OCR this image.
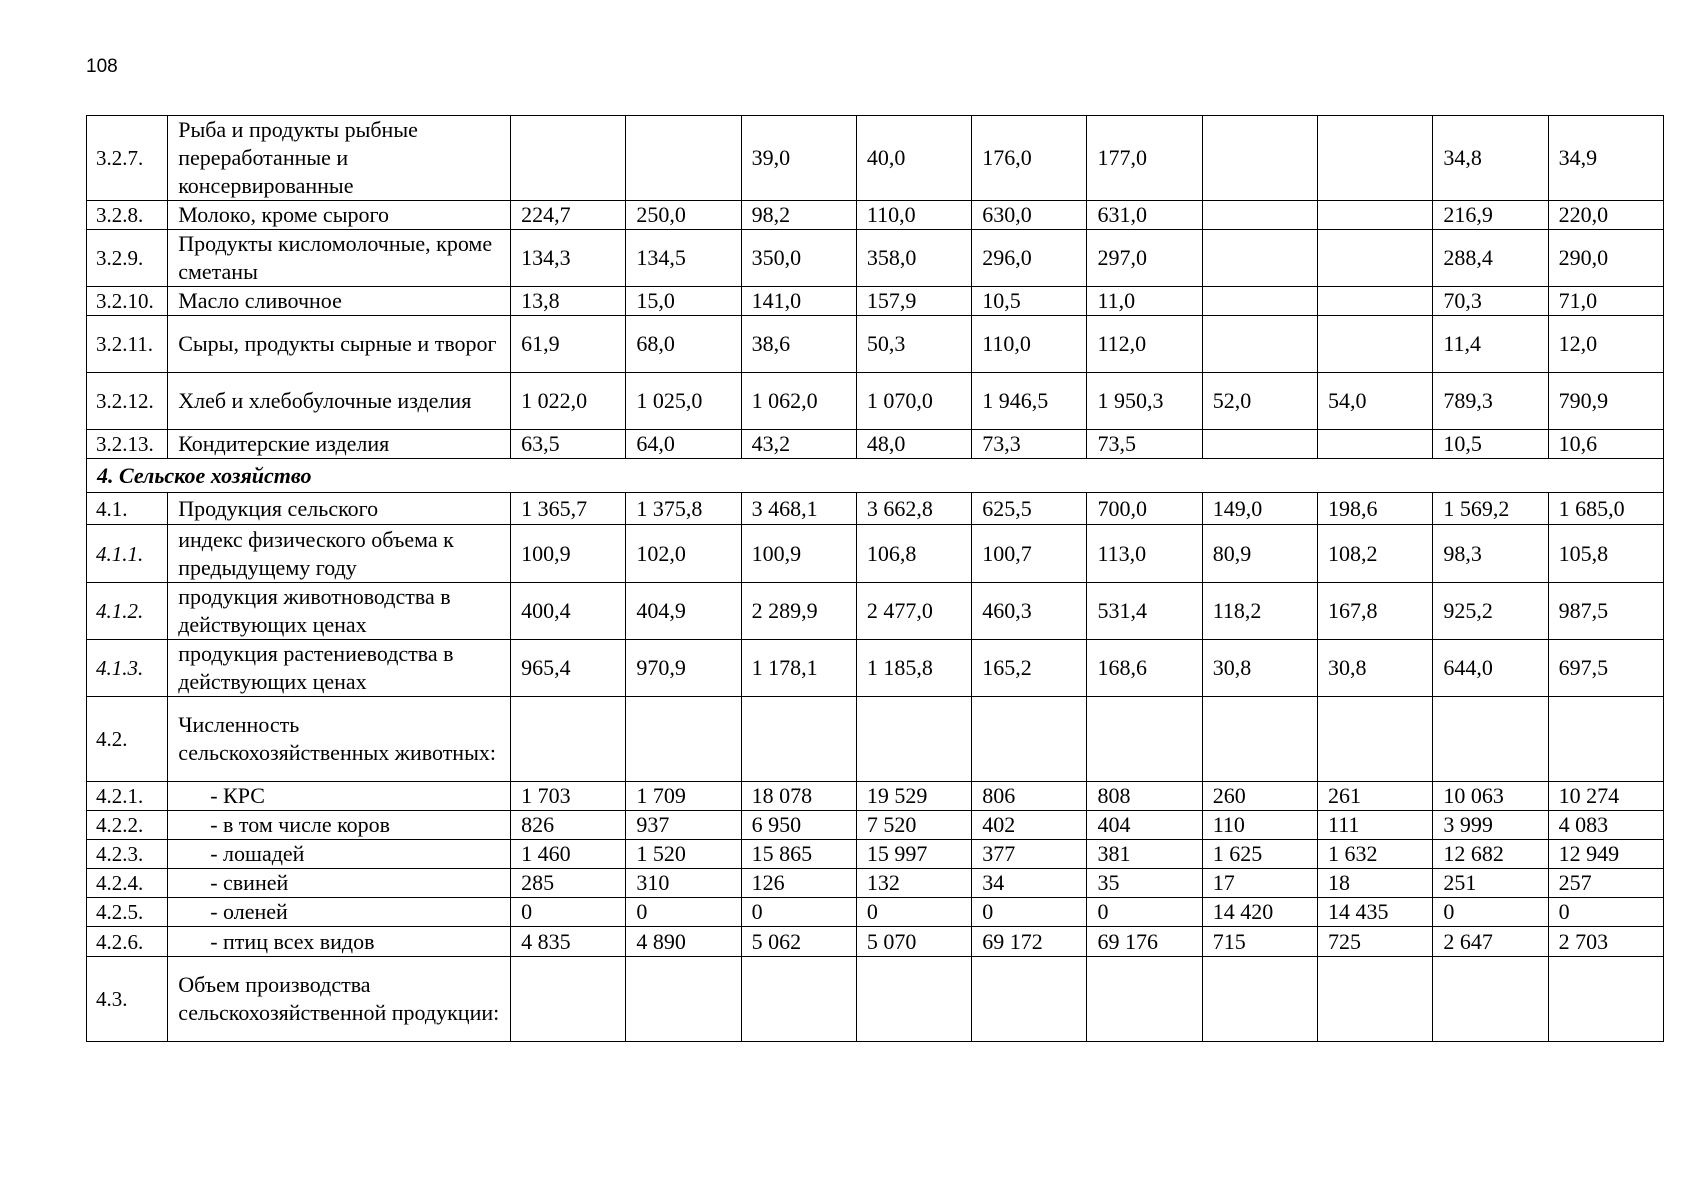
108
3.2.7.	Рыба и продукты рыбные переработанные и консервированные			39,0	40,0	176,0	177,0			34,8	34,9
3.2.8.	Молоко, кроме сырого	224,7	250,0	98,2	110,0	630,0	631,0			216,9	220,0
3.2.9.	Продукты кисломолочные, кроме сметаны	134,3	134,5	350,0	358,0	296,0	297,0			288,4	290,0
3.2.10.	Масло сливочное	13,8	15,0	141,0	157,9	10,5	11,0			70,3	71,0
3.2.11.	Сыры, продукты сырные и творог	61,9	68,0	38,6	50,3	110,0	112,0			11,4	12,0
3.2.12.	Хлеб и хлебобулочные изделия	1 022,0	1 025,0	1 062,0	1 070,0	1 946,5	1 950,3	52,0	54,0	789,3	790,9
3.2.13.	Кондитерские изделия	63,5	64,0	43,2	48,0	73,3	73,5			10,5	10,6
4. Сельское хозяйство											
4.1.	Продукция сельского	1 365,7	1 375,8	3 468,1	3 662,8	625,5	700,0	149,0	198,6	1 569,2	1 685,0
4.1.1.	индекс физического объема к предыдущему году	100,9	102,0	100,9	106,8	100,7	113,0	80,9	108,2	98,3	105,8
4.1.2.	продукция животноводства в действующих ценах	400,4	404,9	2 289,9	2 477,0	460,3	531,4	118,2	167,8	925,2	987,5
4.1.3.	продукция растениеводства в действующих ценах	965,4	970,9	1 178,1	1 185,8	165,2	168,6	30,8	30,8	644,0	697,5
4.2.	Численность сельскохозяйственных животных:										
4.2.1.	- КРС	1 703	1 709	18 078	19 529	806	808	260	261	10 063	10 274
4.2.2.	- в том числе коров	826	937	6 950	7 520	402	404	110	111	3 999	4 083
4.2.3.	- лошадей	1 460	1 520	15 865	15 997	377	381	1 625	1 632	12 682	12 949
4.2.4.	- свиней	285	310	126	132	34	35	17	18	251	257
4.2.5.	- оленей	0	0	0	0	0	0	14 420	14 435	0	0
4.2.6.	- птиц всех видов	4 835	4 890	5 062	5 070	69 172	69 176	715	725	2 647	2 703
4.3.	Объем производства сельскохозяйственной продукции:										
